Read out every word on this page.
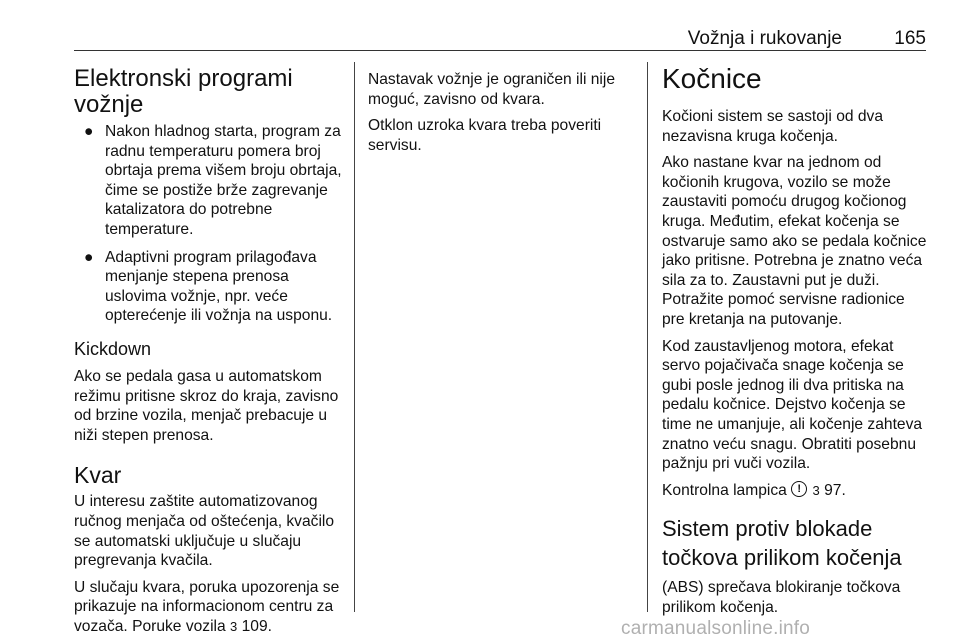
Vožnja i rukovanje	165
Elektronski programi vožnje
● Nakon hladnog starta, program za radnu temperaturu pomera broj obrtaja prema višem broju obrtaja, čime se postiže brže zagrevanje katalizatora do potrebne temperature.
● Adaptivni program prilagođava menjanje stepena prenosa uslovima vožnje, npr. veće opterećenje ili vožnja na usponu.
Kickdown

Ako se pedala gasa u automatskom režimu pritisne skroz do kraja, zavisno od brzine vozila, menjač prebacuje u niži stepen prenosa.

Kvar

U interesu zaštite automatizovanog ručnog menjača od oštećenja, kvačilo se automatski uključuje u slučaju pregrevanja kvačila.

U slučaju kvara, poruka upozorenja se prikazuje na informacionom centru za vozača. Poruke vozila 3 109.

Nastavak vožnje je ograničen ili nije moguć, zavisno od kvara.

Otklon uzroka kvara treba poveriti servisu.

Kočnice

Kočioni sistem se sastoji od dva nezavisna kruga kočenja.

Ako nastane kvar na jednom od kočionih krugova, vozilo se može zaustaviti pomoću drugog kočionog kruga. Međutim, efekat kočenja se ostvaruje samo ako se pedala kočnice jako pritisne. Potrebna je znatno veća sila za to. Zaustavni put je duži. Potražite pomoć servisne radionice pre kretanja na putovanje.

Kod zaustavljenog motora, efekat servo pojačivača snage kočenja se gubi posle jednog ili dva pritiska na pedalu kočnice. Dejstvo kočenja se time ne umanjuje, ali kočenje zahteva znatno veću snagu. Obratiti posebnu pažnju pri vuči vozila.

Kontrolna lampica ! 3 97.

Sistem protiv blokade
točkova prilikom kočenja

(ABS) sprečava blokiranje točkova prilikom kočenja.

carmanualsonline.info
